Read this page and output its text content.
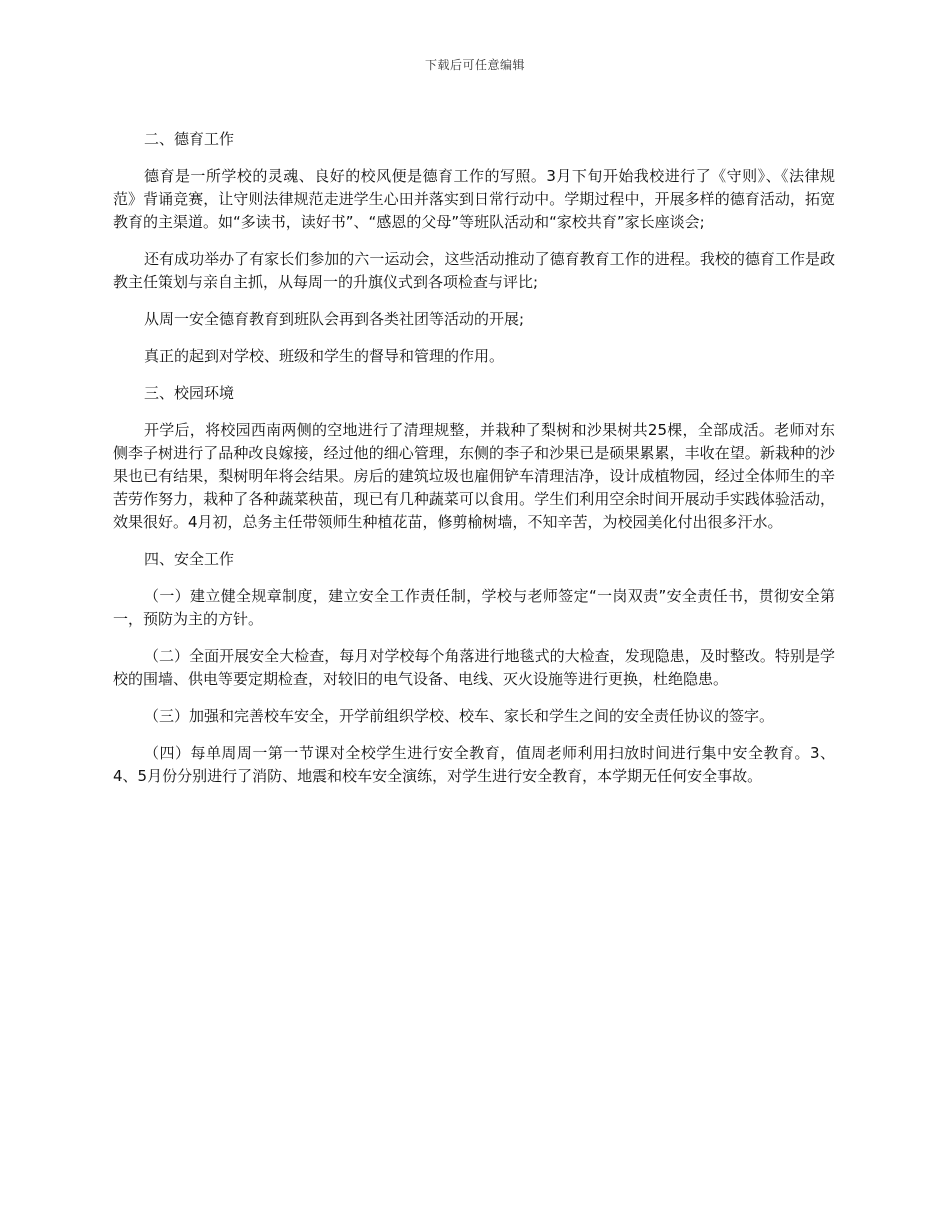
下载后可任意编辑

二、德育工作

德育是一所学校的灵魂、良好的校风便是德育工作的写照。3月下旬开始我校进行了《守则》、《法律规范》背诵竞赛，让守则法律规范走进学生心田并落实到日常行动中。学期过程中，开展多样的德育活动，拓宽教育的主渠道。如“多读书，读好书”、“感恩的父母”等班队活动和“家校共育”家长座谈会;

还有成功举办了有家长们参加的六一运动会，这些活动推动了德育教育工作的进程。我校的德育工作是政教主任策划与亲自主抓，从每周一的升旗仪式到各项检查与评比;

从周一安全德育教育到班队会再到各类社团等活动的开展;

真正的起到对学校、班级和学生的督导和管理的作用。

三、校园环境

开学后，将校园西南两侧的空地进行了清理规整，并栽种了梨树和沙果树共25棵，全部成活。老师对东侧李子树进行了品种改良嫁接，经过他的细心管理，东侧的李子和沙果已是硕果累累，丰收在望。新栽种的沙果也已有结果，梨树明年将会结果。房后的建筑垃圾也雇佣铲车清理洁净，设计成植物园，经过全体师生的辛苦劳作努力，栽种了各种蔬菜秧苗，现已有几种蔬菜可以食用。学生们利用空余时间开展动手实践体验活动，效果很好。4月初，总务主任带领师生种植花苗，修剪榆树墙，不知辛苦，为校园美化付出很多汗水。

四、安全工作

（一）建立健全规章制度，建立安全工作责任制，学校与老师签定“一岗双责”安全责任书，贯彻安全第一，预防为主的方针。

（二）全面开展安全大检查，每月对学校每个角落进行地毯式的大检查，发现隐患，及时整改。特别是学校的围墙、供电等要定期检查，对较旧的电气设备、电线、灭火设施等进行更换，杜绝隐患。

（三）加强和完善校车安全，开学前组织学校、校车、家长和学生之间的安全责任协议的签字。

（四）每单周周一第一节课对全校学生进行安全教育，值周老师利用扫放时间进行集中安全教育。3、4、5月份分别进行了消防、地震和校车安全演练，对学生进行安全教育，本学期无任何安全事故。
